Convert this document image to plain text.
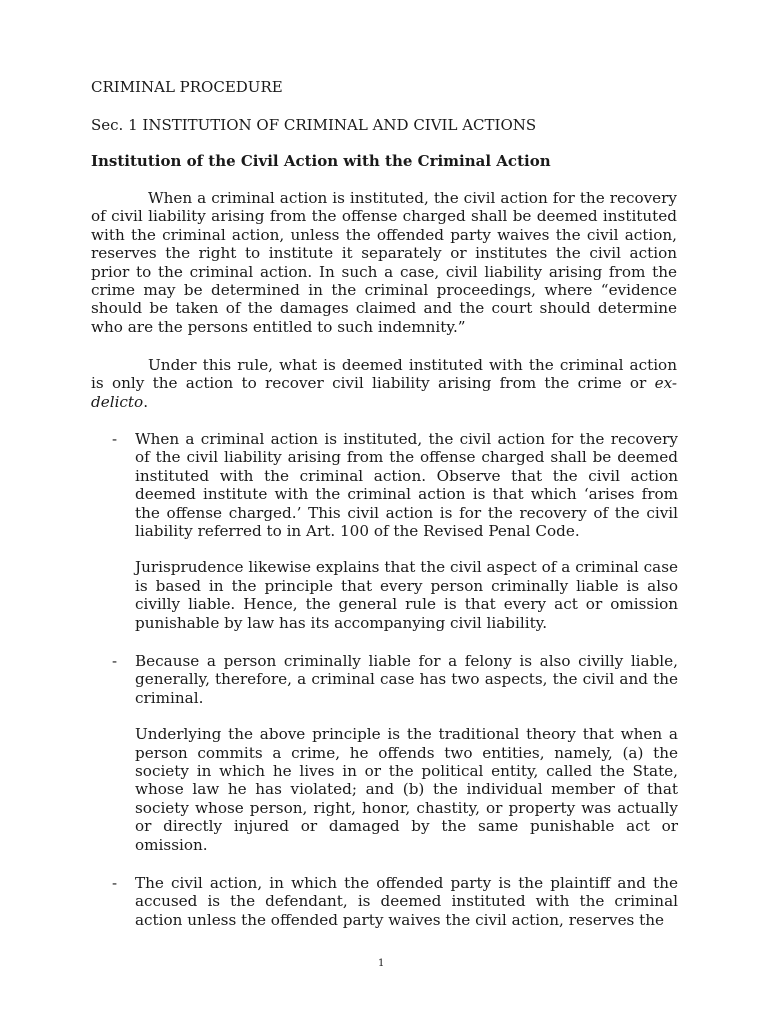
CRIMINAL PROCEDURE
Sec. 1 INSTITUTION OF CRIMINAL AND CIVIL ACTIONS
Institution of the Civil Action with the Criminal Action

When a criminal action is instituted, the civil action for the recovery of civil liability arising from the offense charged shall be deemed instituted with the criminal action, unless the offended party waives the civil action, reserves the right to institute it separately or institutes the civil action prior to the criminal action. In such a case, civil liability arising from the crime may be determined in the criminal proceedings, where “evidence should be taken of the damages claimed and the court should determine who are the persons entitled to such indemnity.”

Under this rule, what is deemed instituted with the criminal action is only the action to recover civil liability arising from the crime or ex-delicto.

- When a criminal action is instituted, the civil action for the recovery of the civil liability arising from the offense charged shall be deemed instituted with the criminal action. Observe that the civil action deemed institute with the criminal action is that which ‘arises from the offense charged.’ This civil action is for the recovery of the civil liability referred to in Art. 100 of the Revised Penal Code.

Jurisprudence likewise explains that the civil aspect of a criminal case is based in the principle that every person criminally liable is also civilly liable. Hence, the general rule is that every act or omission punishable by law has its accompanying civil liability.

- Because a person criminally liable for a felony is also civilly liable, generally, therefore, a criminal case has two aspects, the civil and the criminal.

Underlying the above principle is the traditional theory that when a person commits a crime, he offends two entities, namely, (a) the society in which he lives in or the political entity, called the State, whose law he has violated; and (b) the individual member of that society whose person, right, honor, chastity, or property was actually or directly injured or damaged by the same punishable act or omission.

- The civil action, in which the offended party is the plaintiff and the accused is the defendant, is deemed instituted with the criminal action unless the offended party waives the civil action, reserves the

1
